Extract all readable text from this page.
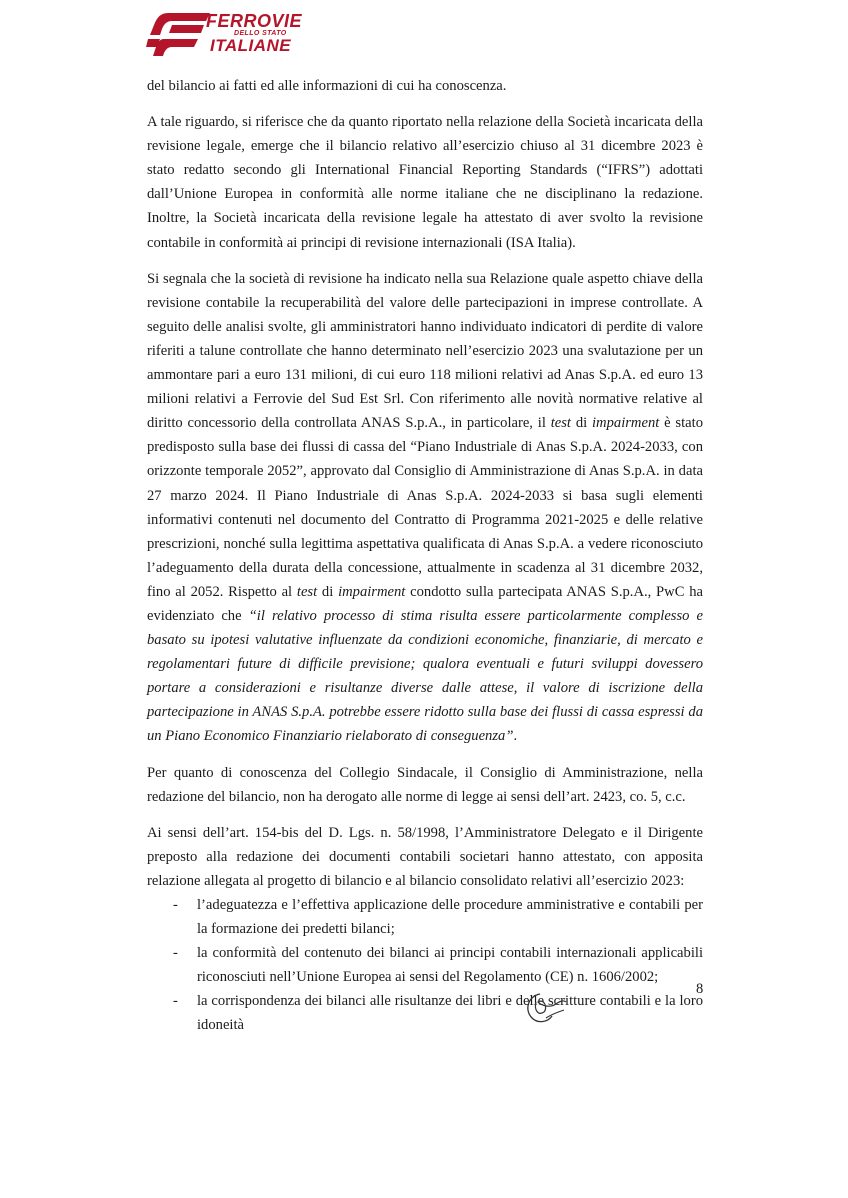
FERROVIE
DELLO STATO
ITALIANE

del bilancio ai fatti ed alle informazioni di cui ha conoscenza.

A tale riguardo, si riferisce che da quanto riportato nella relazione della Società incaricata della revisione legale, emerge che il bilancio relativo all’esercizio chiuso al 31 dicembre 2023 è stato redatto secondo gli International Financial Reporting Standards (“IFRS”) adottati dall’Unione Europea in conformità alle norme italiane che ne disciplinano la redazione. Inoltre, la Società incaricata della revisione legale ha attestato di aver svolto la revisione contabile in conformità ai principi di revisione internazionali (ISA Italia).

Si segnala che la società di revisione ha indicato nella sua Relazione quale aspetto chiave della revisione contabile la recuperabilità del valore delle partecipazioni in imprese controllate. A seguito delle analisi svolte, gli amministratori hanno individuato indicatori di perdite di valore riferiti a talune controllate che hanno determinato nell’esercizio 2023 una svalutazione per un ammontare pari a euro 131 milioni, di cui euro 118 milioni relativi ad Anas S.p.A. ed euro 13 milioni relativi a Ferrovie del Sud Est Srl. Con riferimento alle novità normative relative al diritto concessorio della controllata ANAS S.p.A., in particolare, il test di impairment è stato predisposto sulla base dei flussi di cassa del “Piano Industriale di Anas S.p.A. 2024-2033, con orizzonte temporale 2052”, approvato dal Consiglio di Amministrazione di Anas S.p.A. in data 27 marzo 2024. Il Piano Industriale di Anas S.p.A. 2024-2033 si basa sugli elementi informativi contenuti nel documento del Contratto di Programma 2021-2025 e delle relative prescrizioni, nonché sulla legittima aspettativa qualificata di Anas S.p.A. a vedere riconosciuto l’adeguamento della durata della concessione, attualmente in scadenza al 31 dicembre 2032, fino al 2052. Rispetto al test di impairment condotto sulla partecipata ANAS S.p.A., PwC ha evidenziato che “il relativo processo di stima risulta essere particolarmente complesso e basato su ipotesi valutative influenzate da condizioni economiche, finanziarie, di mercato e regolamentari future di difficile previsione; qualora eventuali e futuri sviluppi dovessero portare a considerazioni e risultanze diverse dalle attese, il valore di iscrizione della partecipazione in ANAS S.p.A. potrebbe essere ridotto sulla base dei flussi di cassa espressi da un Piano Economico Finanziario rielaborato di conseguenza”.

Per quanto di conoscenza del Collegio Sindacale, il Consiglio di Amministrazione, nella redazione del bilancio, non ha derogato alle norme di legge ai sensi dell’art. 2423, co. 5, c.c.

Ai sensi dell’art. 154-bis del D. Lgs. n. 58/1998, l’Amministratore Delegato e il Dirigente preposto alla redazione dei documenti contabili societari hanno attestato, con apposita relazione allegata al progetto di bilancio e al bilancio consolidato relativi all’esercizio 2023:

- l’adeguatezza e l’effettiva applicazione delle procedure amministrative e contabili per la formazione dei predetti bilanci;
- la conformità del contenuto dei bilanci ai principi contabili internazionali applicabili riconosciuti nell’Unione Europea ai sensi del Regolamento (CE) n. 1606/2002;
- la corrispondenza dei bilanci alle risultanze dei libri e delle scritture contabili e la loro idoneità
8
